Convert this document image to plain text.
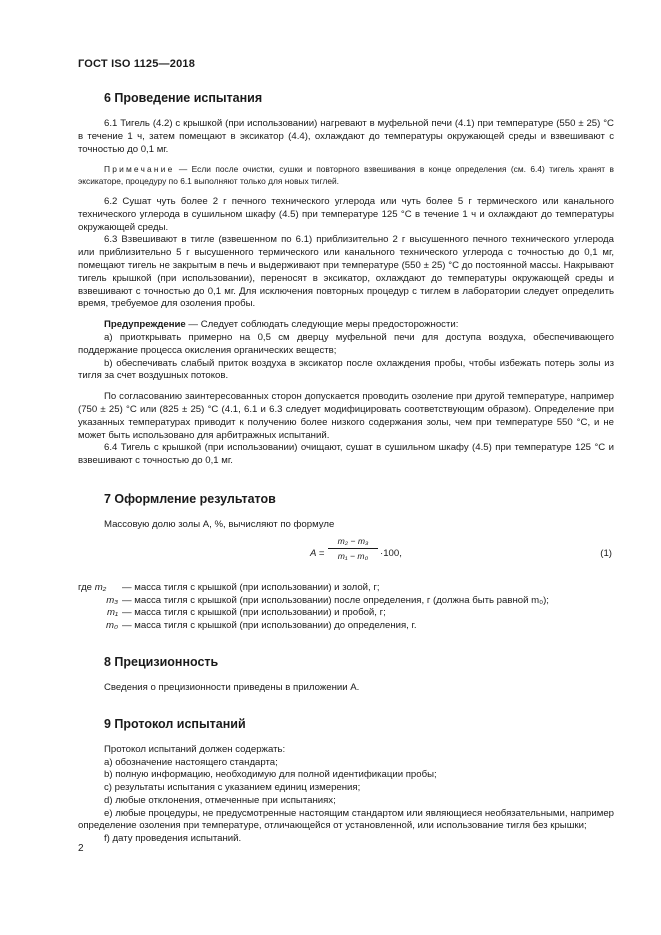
ГОСТ ISO 1125—2018
6 Проведение испытания

6.1 Тигель (4.2) с крышкой (при использовании) нагревают в муфельной печи (4.1) при температуре (550 ± 25) °С в течение 1 ч, затем помещают в эксикатор (4.4), охлаждают до температуры окружающей среды и взвешивают с точностью до 0,1 мг.

Примечание — Если после очистки, сушки и повторного взвешивания в конце определения (см. 6.4) тигель хранят в эксикаторе, процедуру по 6.1 выполняют только для новых тиглей.

6.2 Сушат чуть более 2 г печного технического углерода или чуть более 5 г термического или канального технического углерода в сушильном шкафу (4.5) при температуре 125 °С в течение 1 ч и охлаждают до температуры окружающей среды.

6.3 Взвешивают в тигле (взвешенном по 6.1) приблизительно 2 г высушенного печного технического углерода или приблизительно 5 г высушенного термического или канального технического углерода с точностью до 0,1 мг, помещают тигель не закрытым в печь и выдерживают при температуре (550 ± 25) °С до постоянной массы. Накрывают тигель крышкой (при использовании), переносят в эксикатор, охлаждают до температуры окружающей среды и взвешивают с точностью до 0,1 мг. Для исключения повторных процедур с тиглем в лаборатории следует определить время, требуемое для озоления пробы.

Предупреждение — Следует соблюдать следующие меры предосторожности:

а) приоткрывать примерно на 0,5 см дверцу муфельной печи для доступа воздуха, обеспечивающего поддержание процесса окисления органических веществ;

b) обеспечивать слабый приток воздуха в эксикатор после охлаждения пробы, чтобы избежать потерь золы из тигля за счет воздушных потоков.

По согласованию заинтересованных сторон допускается проводить озоление при другой температуре, например (750 ± 25) °С или (825 ± 25) °С (4.1, 6.1 и 6.3 следует модифицировать соответствующим образом). Определение при указанных температурах приводит к получению более низкого содержания золы, чем при температуре 550 °С, и не может быть использовано для арбитражных испытаний.

6.4 Тигель с крышкой (при использовании) очищают, сушат в сушильном шкафу (4.5) при температуре 125 °С и взвешивают с точностью до 0,1 мг.

7 Оформление результатов

Массовую долю золы А, %, вычисляют по формуле

$A = \frac{\text{m₂ − m₃}}{\text{m₁ − m₀}} \cdot 100$,	(1)
где m₂	— масса тигля с крышкой (при использовании) и золой, г;
m₃ — масса тигля с крышкой (при использовании) после определения, г (должна быть равной m₀);
m₁ — масса тигля с крышкой (при использовании) и пробой, г;
m₀ — масса тигля с крышкой (при использовании) до определения, г.
8 Прецизионность

Сведения о прецизионности приведены в приложении А.

9 Протокол испытаний

Протокол испытаний должен содержать:

а) обозначение настоящего стандарта;

b) полную информацию, необходимую для полной идентификации пробы;

с) результаты испытания с указанием единиц измерения;

d) любые отклонения, отмеченные при испытаниях;

е) любые процедуры, не предусмотренные настоящим стандартом или являющиеся необязательными, например определение озоления при температуре, отличающейся от установленной, или использование тигля без крышки;

f) дату проведения испытаний.

2
